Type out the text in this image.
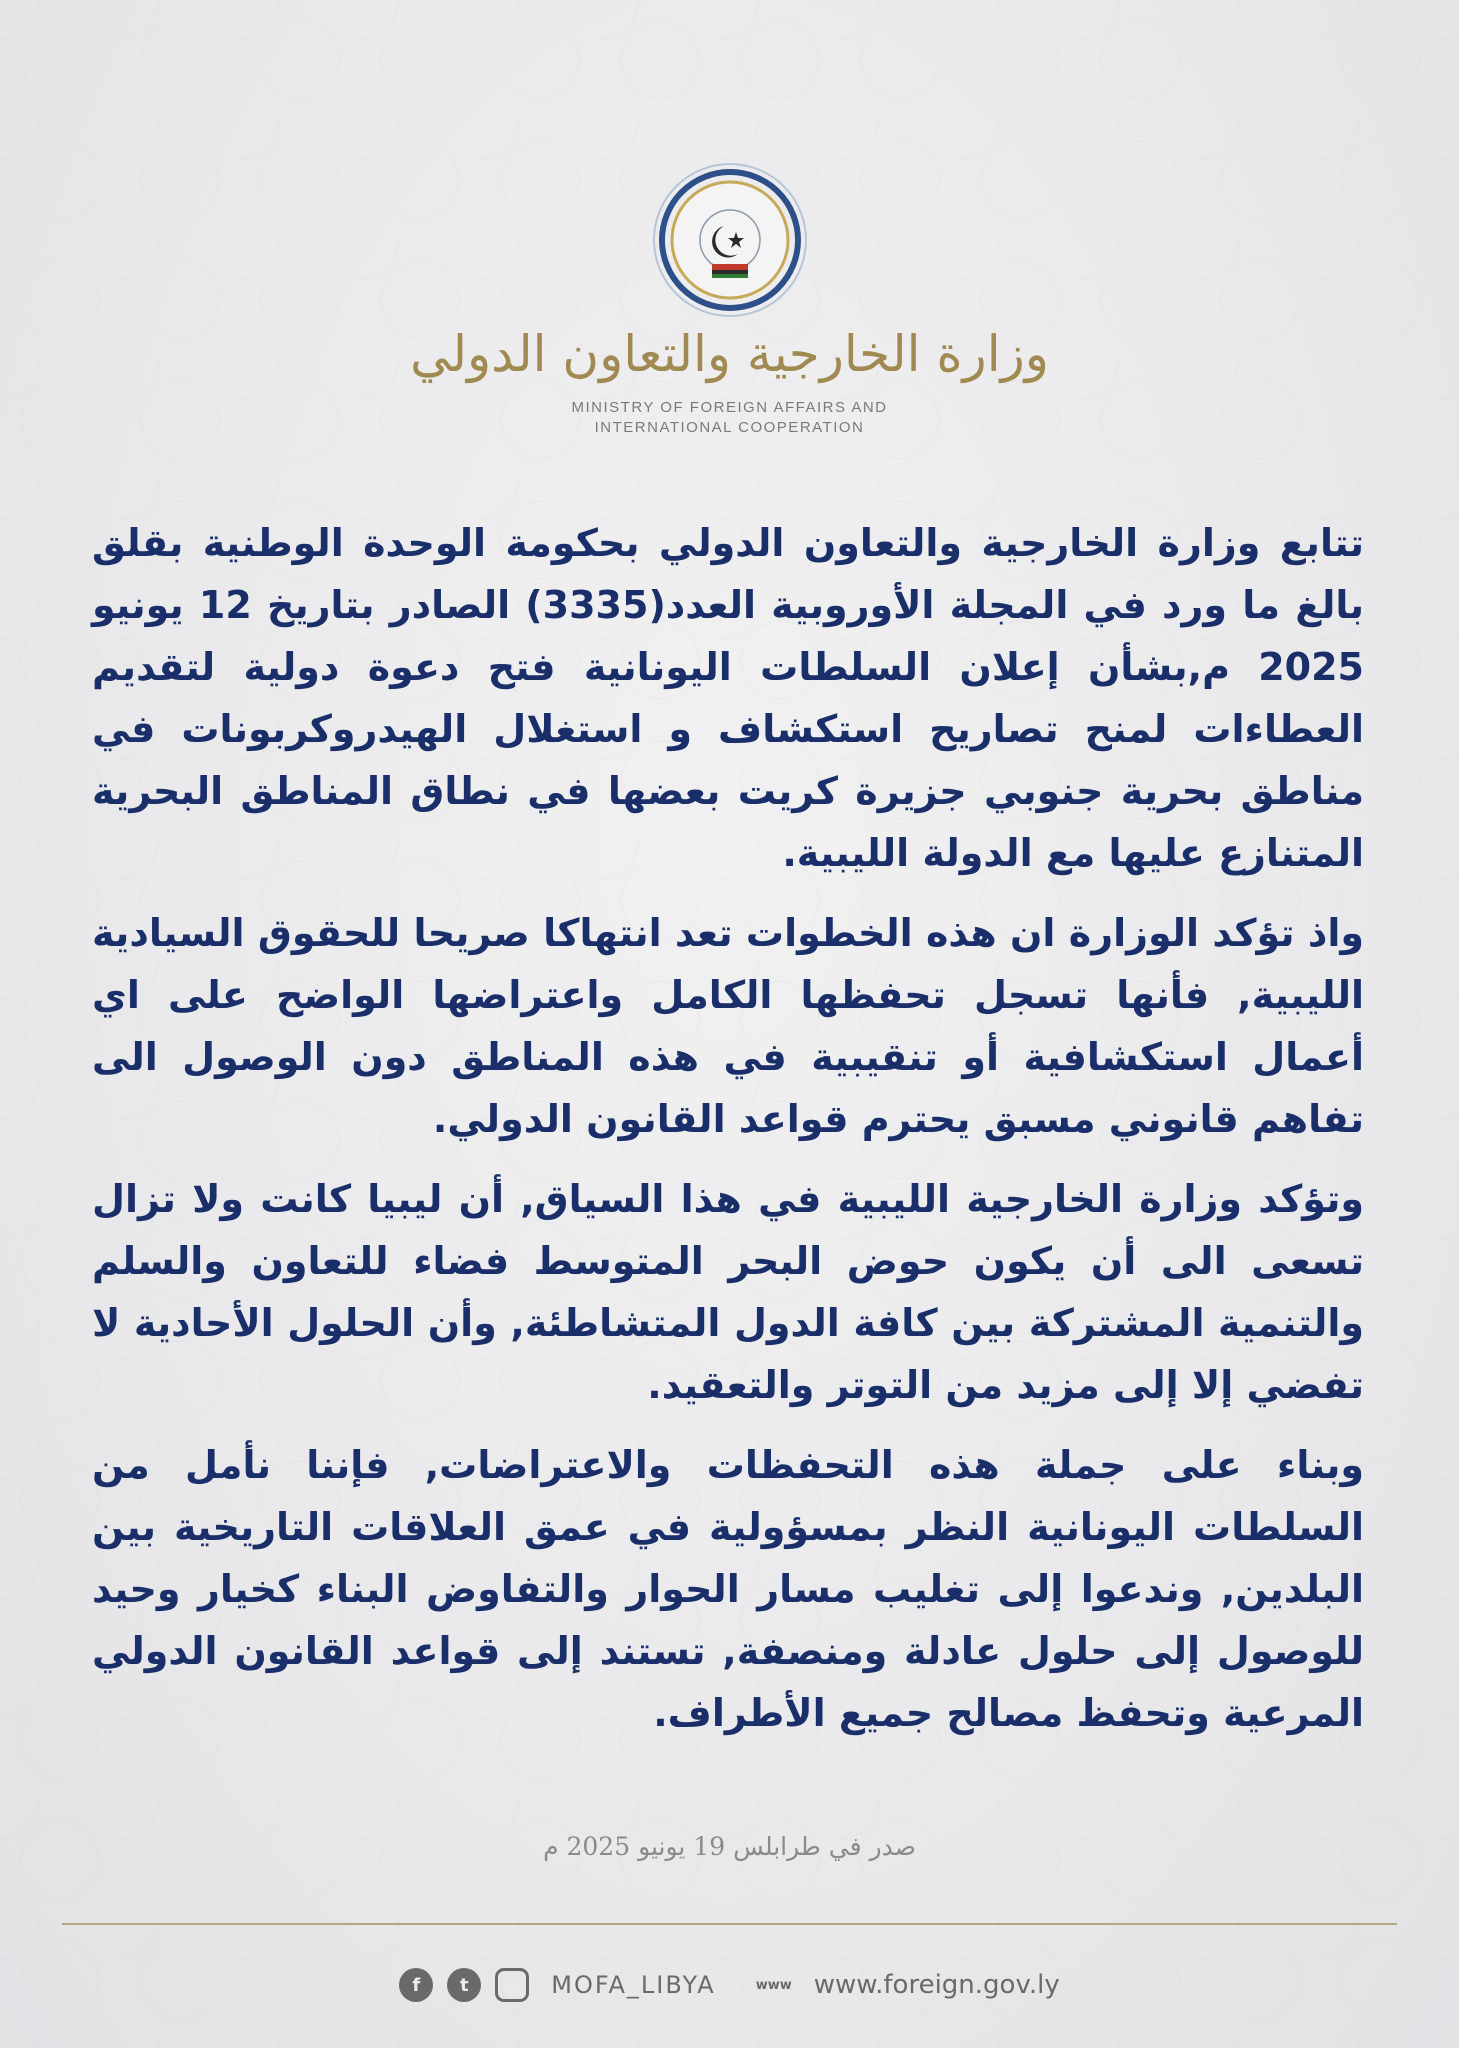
وزارة الخارجية والتعاون الدولي
MINISTRY OF FOREIGN AFFAIRS AND
INTERNATIONAL COOPERATION

تتابع وزارة الخارجية والتعاون الدولي بحكومة الوحدة الوطنية بقلق بالغ ما ورد في المجلة الأوروبية العدد(3335) الصادر بتاريخ 12 يونيو 2025 م,بشأن إعلان السلطات اليونانية فتح دعوة دولية لتقديم العطاءات لمنح تصاريح استكشاف و استغلال الهيدروكربونات في مناطق بحرية جنوبي جزيرة كريت بعضها في نطاق المناطق البحرية المتنازع عليها مع الدولة الليبية.

واذ تؤكد الوزارة ان هذه الخطوات تعد انتهاكا صريحا للحقوق السيادية الليبية, فأنها تسجل تحفظها الكامل واعتراضها الواضح على اي أعمال استكشافية أو تنقيبية في هذه المناطق دون الوصول الى تفاهم قانوني مسبق يحترم قواعد القانون الدولي.

وتؤكد وزارة الخارجية الليبية في هذا السياق, أن ليبيا كانت ولا تزال تسعى الى أن يكون حوض البحر المتوسط فضاء للتعاون والسلم والتنمية المشتركة بين كافة الدول المتشاطئة, وأن الحلول الأحادية لا تفضي إلا إلى مزيد من التوتر والتعقيد.

وبناء على جملة هذه التحفظات والاعتراضات, فإننا نأمل من السلطات اليونانية النظر بمسؤولية في عمق العلاقات التاريخية بين البلدين, وندعوا إلى تغليب مسار الحوار والتفاوض البناء كخيار وحيد للوصول إلى حلول عادلة ومنصفة, تستند إلى قواعد القانون الدولي المرعية وتحفظ مصالح جميع الأطراف.

صدر في طرابلس 19 يونيو 2025 م
f	t	◎	MOFA_LIBYA	www www.foreign.gov.ly
